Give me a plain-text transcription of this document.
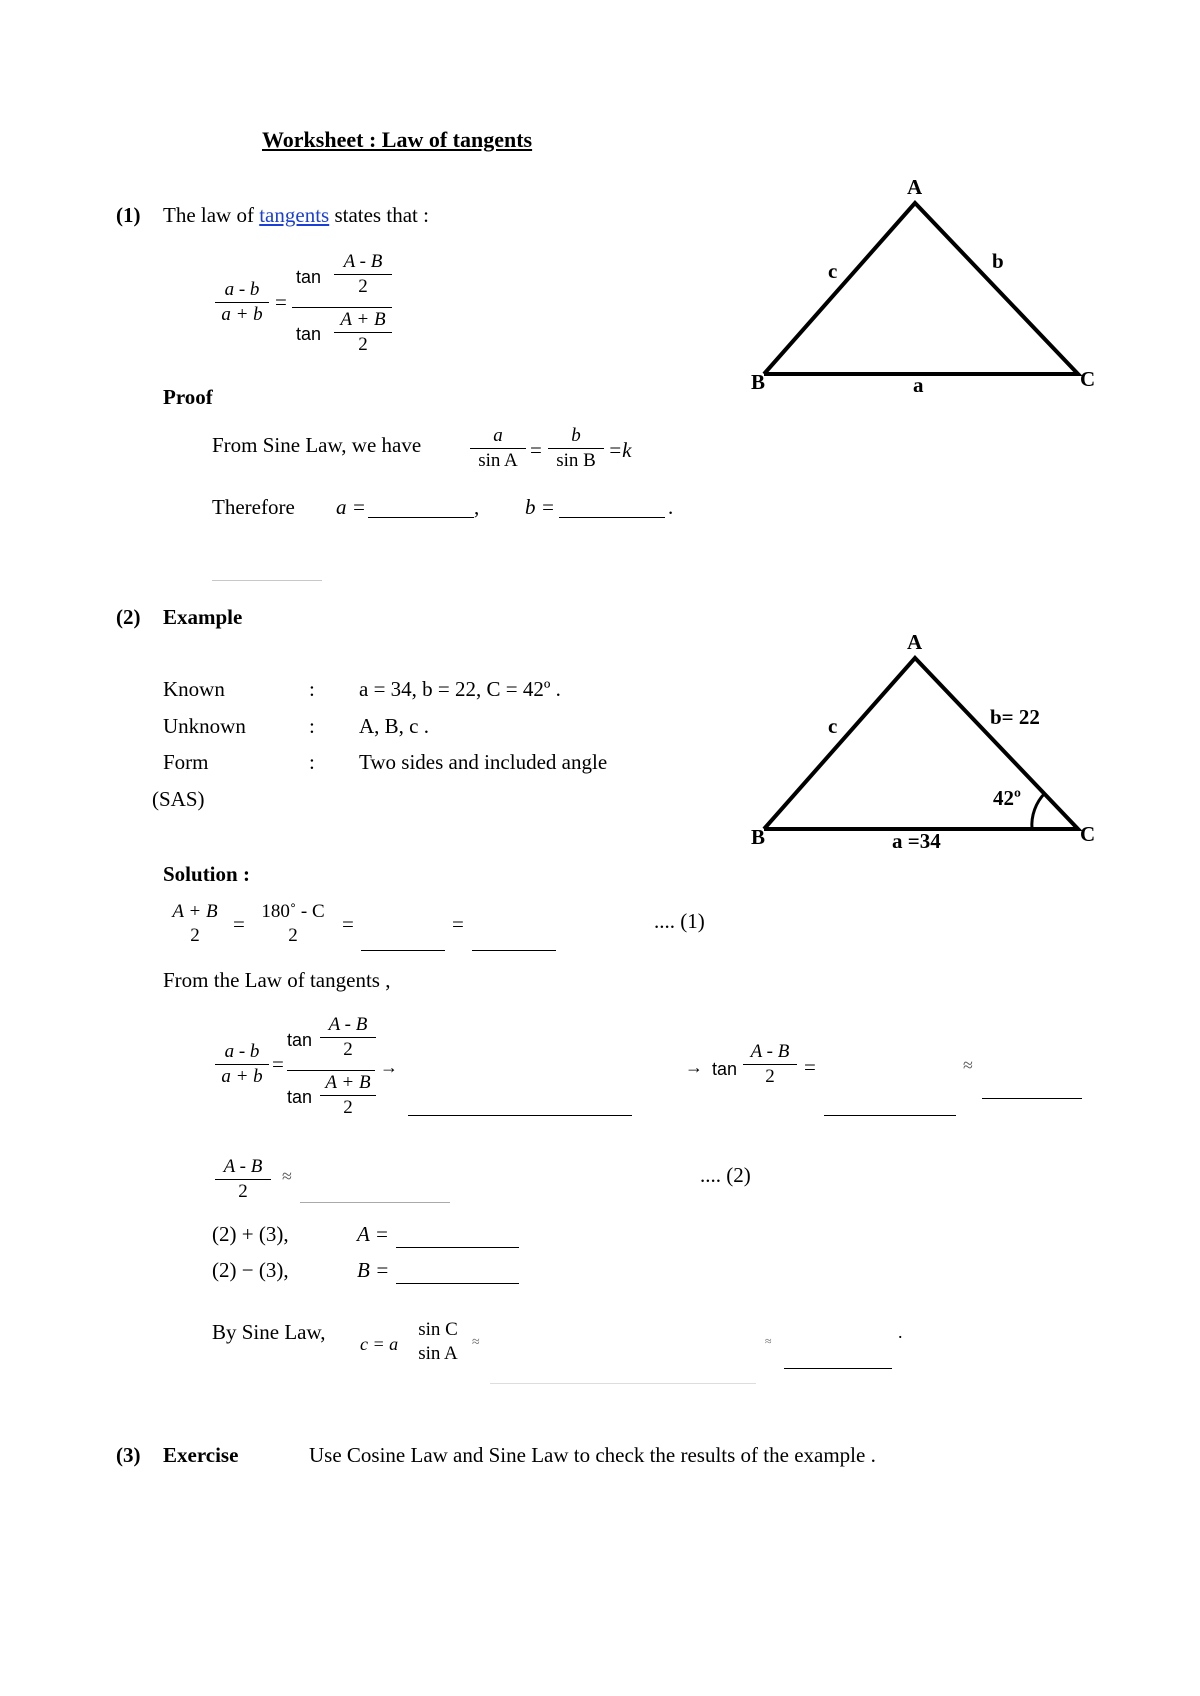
Worksheet : Law of tangents
(1) The law of tangents states that :
a - b
a + b
=
tan
A - B
2
tan
A + B
2
Proof
From Sine Law, we have	a
sin A =
b
sin B =k
Therefore a =	, b =	.
A
B	C
a
b
c
(2) Example
Known	: a = 34, b = 22, C = 42º .
Unknown	: A, B, c .
Form	: Two sides and included angle
(SAS)
Solution :
A + B
2 =
180˚ - C
2 =	=	.... (1)
From the Law of tangents ,
a - b
a + b
=
tan
A - B
2
tan
A + B
2
→	→ tan
A - B
2 =	≈
A - B
2
≈	.... (2)
(2) + (3),	A =
(2) − (3),	B =
By Sine Law, c = a
sin C
sin A
≈	≈	.
A
B	C
a =34
b= 22
c
42º
(3) Exercise	Use Cosine Law and Sine Law to check the results of the example .
